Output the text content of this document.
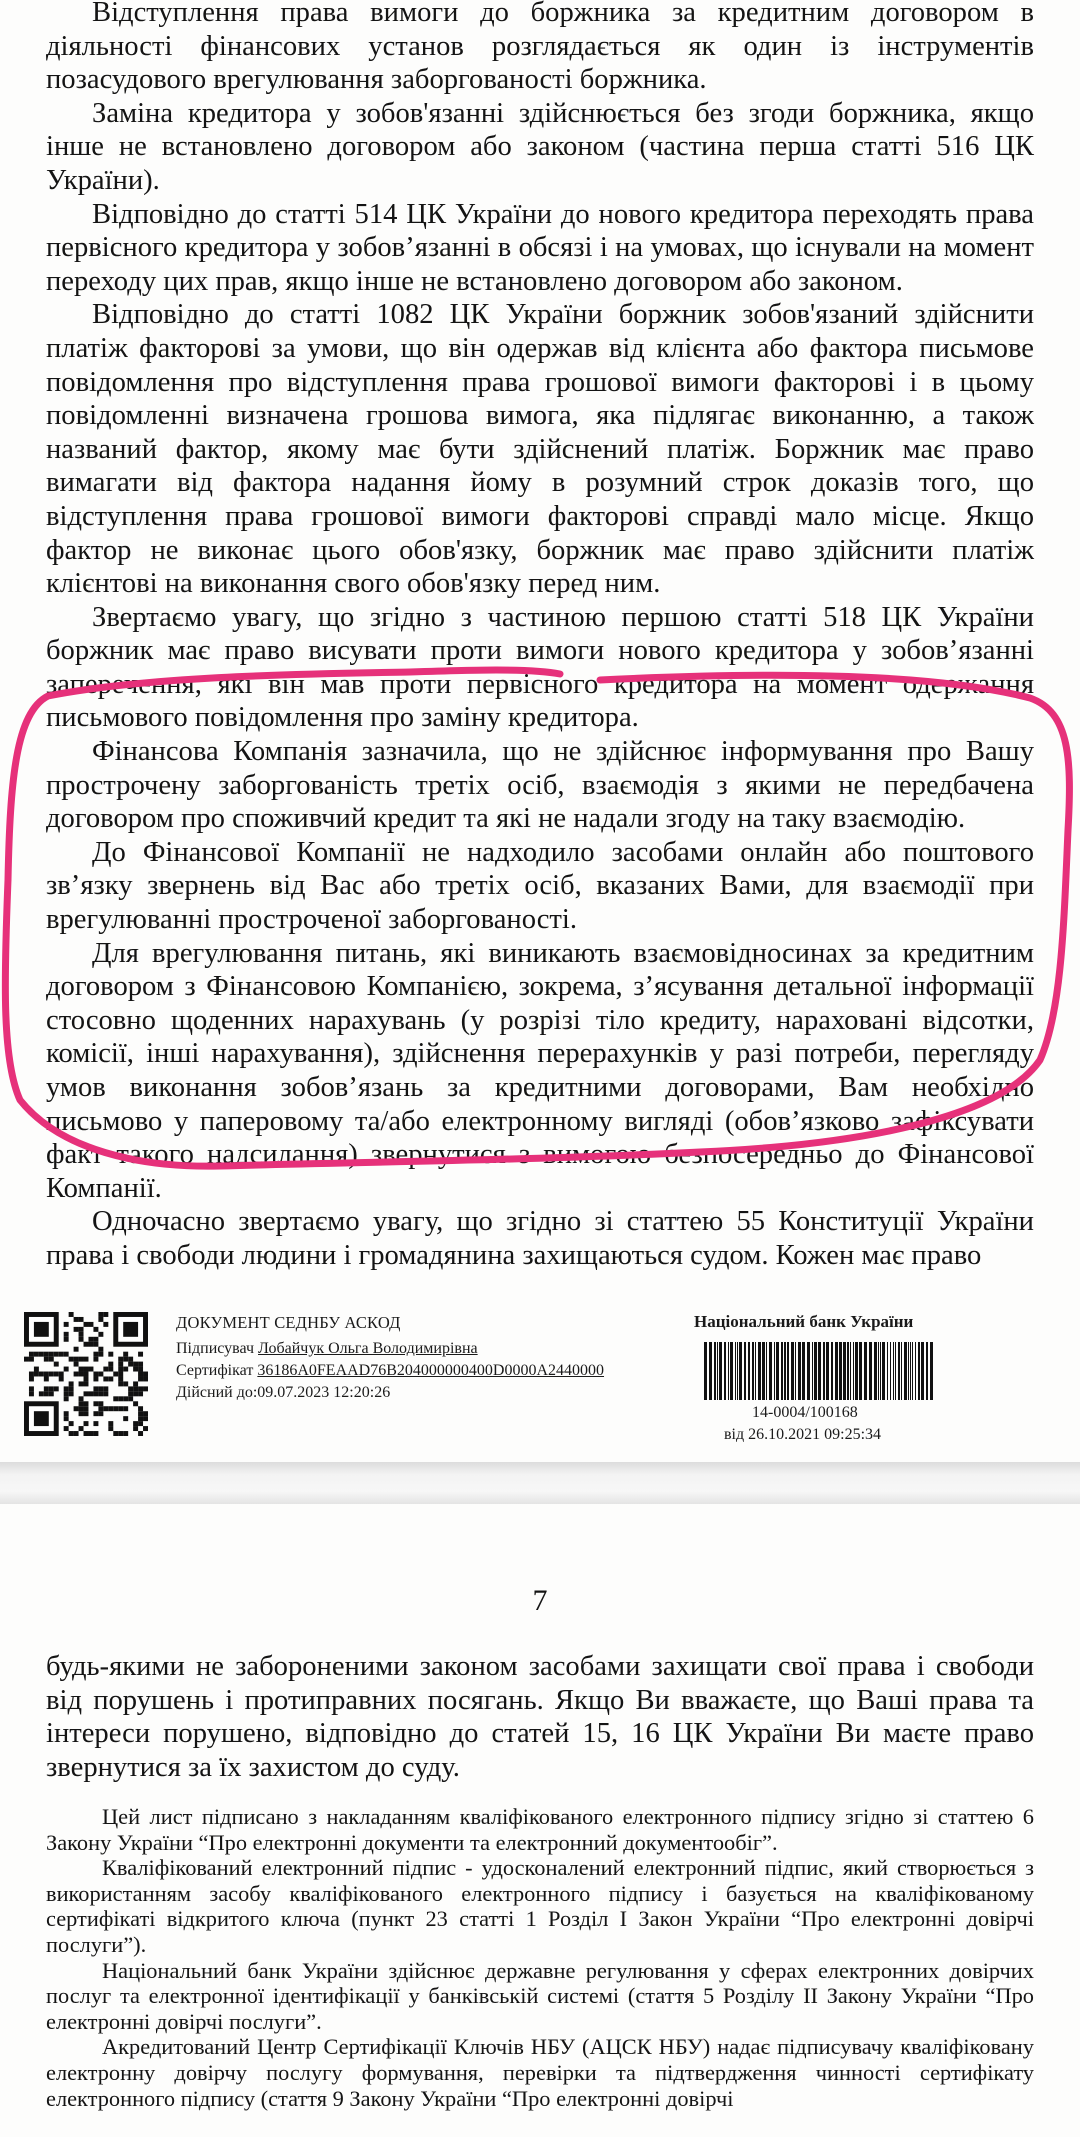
Відступлення права вимоги до боржника за кредитним договором в діяльності фінансових установ розглядається як один із інструментів позасудового врегулювання заборгованості боржника.

Заміна кредитора у зобов'язанні здійснюється без згоди боржника, якщо інше не встановлено договором або законом (частина перша статті 516 ЦК України).

Відповідно до статті 514 ЦК України до нового кредитора переходять права первісного кредитора у зобов’язанні в обсязі і на умовах, що існували на момент переходу цих прав, якщо інше не встановлено договором або законом.

Відповідно до статті 1082 ЦК України боржник зобов'язаний здійснити платіж факторові за умови, що він одержав від клієнта або фактора письмове повідомлення про відступлення права грошової вимоги факторові і в цьому повідомленні визначена грошова вимога, яка підлягає виконанню, а також названий фактор, якому має бути здійснений платіж. Боржник має право вимагати від фактора надання йому в розумний строк доказів того, що відступлення права грошової вимоги факторові справді мало місце. Якщо фактор не виконає цього обов'язку, боржник має право здійснити платіж клієнтові на виконання свого обов'язку перед ним.

Звертаємо увагу, що згідно з частиною першою статті 518 ЦК України боржник має право висувати проти вимоги нового кредитора у зобов’язанні заперечення, які він мав проти первісного кредитора на момент одержання письмового повідомлення про заміну кредитора.

Фінансова Компанія зазначила, що не здійснює інформування про Вашу прострочену заборгованість третіх осіб, взаємодія з якими не передбачена договором про споживчий кредит та які не надали згоду на таку взаємодію.

До Фінансової Компанії не надходило засобами онлайн або поштового зв’язку звернень від Вас або третіх осіб, вказаних Вами, для взаємодії при врегулюванні простроченої заборгованості.

Для врегулювання питань, які виникають взаємовідносинах за кредитним договором з Фінансовою Компанією, зокрема, з’ясування детальної інформації стосовно щоденних нарахувань (у розрізі тіло кредиту, нараховані відсотки, комісії, інші нарахування), здійснення перерахунків у разі потреби, перегляду умов виконання зобов’язань за кредитними договорами, Вам необхідно письмово у паперовому та/або електронному вигляді (обов’язково зафіксувати факт такого надсилання) звернутися з вимогою безпосередньо до Фінансової Компанії.

Одночасно звертаємо увагу, що згідно зі статтею 55 Конституції України права і свободи людини і громадянина захищаються судом. Кожен має право

ДОКУМЕНТ СЕДНБУ АСКОД
Підписувач Лобайчук Ольга Володимирівна
Сертифікат 36186A0FEAAD76B204000000400D0000A2440000
Дійсний до:09.07.2023 12:20:26
Національний банк України
14-0004/100168
від 26.10.2021 09:25:34
7

будь-якими не забороненими законом засобами захищати свої права і свободи від порушень і протиправних посягань. Якщо Ви вважаєте, що Ваші права та інтереси порушено, відповідно до статей 15, 16 ЦК України Ви маєте право звернутися за їх захистом до суду.

Цей лист підписано з накладанням кваліфікованого електронного підпису згідно зі статтею 6 Закону України “Про електронні документи та електронний документообіг”.

Кваліфікований електронний підпис - удосконалений електронний підпис, який створюється з використанням засобу кваліфікованого електронного підпису і базується на кваліфікованому сертифікаті відкритого ключа (пункт 23 статті 1 Розділ I Закон України “Про електронні довірчі послуги”).

Національний банк України здійснює державне регулювання у сферах електронних довірчих послуг та електронної ідентифікації у банківській системі (стаття 5 Розділу II Закону України “Про електронні довірчі послуги”.

Акредитований Центр Сертифікації Ключів НБУ (АЦСК НБУ) надає підписувачу кваліфіковану електронну довірчу послугу формування, перевірки та підтвердження чинності сертифікату електронного підпису (стаття 9 Закону України “Про електронні довірчі
